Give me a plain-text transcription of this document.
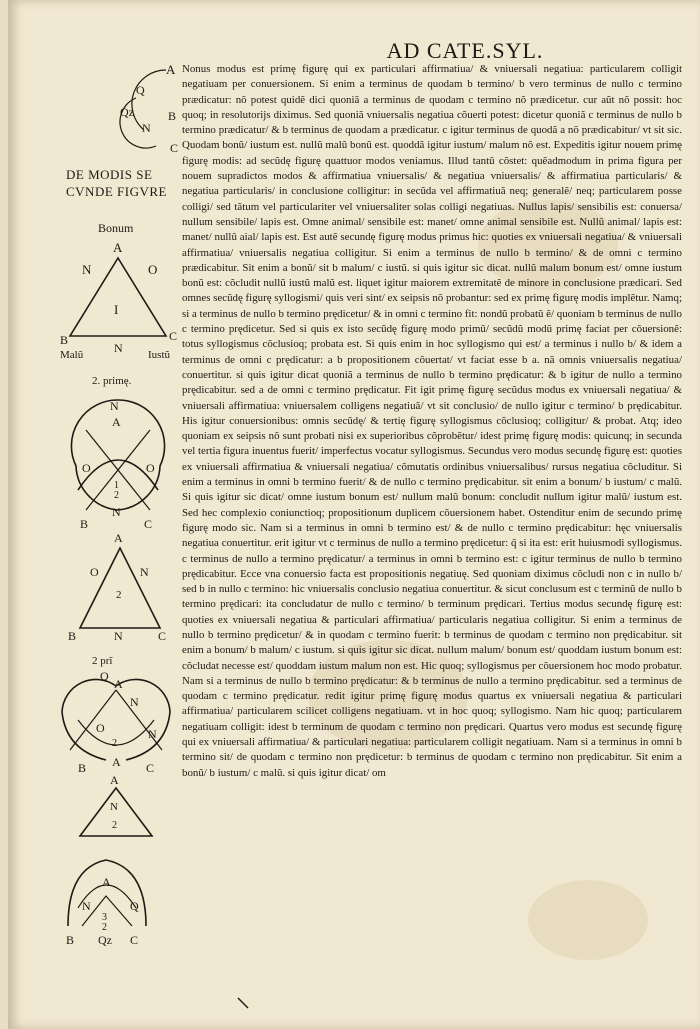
AD CATE.SYL.
DE MODIS SE CVNDE FIGVRE

Nonus modus est primę figurę qui ex particulari affirmatiua/ & vniuersali negatiua: particularem colligit negatiuam per conuersionem. Si enim a terminus de quodam b termino/ b vero terminus de nullo c termino prædicatur: nõ potest quidẽ dici quoniã a terminus de quodam c termino nõ prædicetur. cur aũt nõ possit: hoc quoq; in resolutorijs diximus. Sed quoniã vniuersalis negatiua cõuerti potest: dicetur quoniã c terminus de nullo b termino prædicatur/ & b terminus de quodam a prædicatur. c igitur terminus de quodã a nõ prædicabitur/ vt sit sic. Quodam bonũ/ iustum est. nullũ malũ bonũ est. quoddã igitur iustum/ malum nõ est. Expeditis igitur nouem primę figurę modis: ad secũdę figurę quattuor modos veniamus. Illud tantũ cõstet: quẽadmodum in prima figura per nouem supradictos modos & affirmatiua vniuersalis/ & negatiua vniuersalis/ & affirmatiua particularis/ & negatiua particularis/ in conclusione colligitur: in secũda vel affirmatiuã neq; generalẽ/ neq; particularem posse colligi/ sed tãtum vel particulariter vel vniuersaliter solas colligi negatiuas. Nullus lapis/ sensibilis est: conuersa/ nullum sensibile/ lapis est. Omne animal/ sensibile est: manet/ omne animal sensibile est. Nullũ animal/ lapis est: manet/ nullũ aial/ lapis est. Est autẽ secundę figurę modus primus hic: quoties ex vniuersali negatiua/ & vniuersali affirmatiua/ vniuersalis negatiua colligitur. Si enim a terminus de nullo b termino/ & de omni c termino prædicabitur. Sit enim a bonũ/ sit b malum/ c iustũ. si quis igitur sic dicat. nullũ malum bonum est/ omne iustum bonũ est: cõcludit nullũ iustũ malũ est. liquet igitur maiorem extremitatẽ de minore in conclusione prædicari. Sed omnes secũdę figurę syllogismi/ quis veri sint/ ex seipsis nõ probantur: sed ex primę figurę modis implẽtur. Namq; si a terminus de nullo b termino prędicetur/ & in omni c termino fit: nondũ probatũ ẽ/ quoniam b terminus de nullo c termino prędicetur. Sed si quis ex isto secũdę figurę modo primũ/ secũdũ modũ primę faciat per cõuersionẽ: totus syllogismus cõclusioq; probata est. Si quis enim in hoc syllogismo qui est/ a terminus i nullo b/ & idem a terminus de omni c prędicatur: a b propositionem cõuertat/ vt faciat esse b a. nã omnis vniuersalis negatiua/ conuertitur. si quis igitur dicat quoniã a terminus de nullo b termino prędicatur: & b igitur de nullo a termino prędicabitur. sed a de omni c termino prędicatur. Fit igit primę figurę secũdus modus ex vniuersali negatiua/ & vniuersali affirmatiua: vniuersalem colligens negatiuã/ vt sit conclusio/ de nullo igitur c termino/ b prędicabitur. His igitur conuersionibus: omnis secũdę/ & tertię figurę syllogismus cõclusioq; colligitur/ & probat. Atq; ideo quoniam ex seipsis nõ sunt probati nisi ex superioribus cõprobẽtur/ idest primę figurę modis: quicunq; in secunda vel tertia figura inuentus fuerit/ imperfectus vocatur syllogismus. Secundus vero modus secundę figurę est: quoties ex vniuersali affirmatiua & vniuersali negatiua/ cõmutatis ordinibus vniuersalibus/ rursus negatiua cõcluditur. Si enim a terminus in omni b termino fuerit/ & de nullo c termino prędicabitur. sit enim a bonum/ b iustum/ c malũ. Si quis igitur sic dicat/ omne iustum bonum est/ nullum malũ bonum: concludit nullum igitur malũ/ iustum est. Sed hec complexio coniunctioq; propositionum duplicem cõuersionem habet. Ostenditur enim de secundo primę figurę modo sic. Nam si a terminus in omni b termino est/ & de nullo c termino prędicabitur: hęc vniuersalis negatiua conuertitur. erit igitur vt c terminus de nullo a termino prędicetur: q̃ si ita est: erit huiusmodi syllogismus. c terminus de nullo a termino prędicatur/ a terminus in omni b termino est: c igitur terminus de nullo b termino prędicabitur. Ecce vna conuersio facta est propositionis negatiuę. Sed quoniam diximus cõcludi non c in nullo b/ sed b in nullo c termino: hic vniuersalis conclusio negatiua conuertitur. & sicut conclusum est c terminũ de nullo b termino prędicari: ita concludatur de nullo c termino/ b terminum prędicari. Tertius modus secundę figurę est: quoties ex vniuersali negatiua & particulari affirmatiua/ particularis negatiua colligitur. Si enim a terminus de nullo b termino prędicetur/ & in quodam c termino fuerit: b terminus de quodam c termino non prędicabitur. sit enim a bonum/ b malum/ c iustum. si quis igitur sic dicat. nullum malum/ bonum est/ quoddam iustum bonum est: cõcludat necesse est/ quoddam iustum malum non est. Hic quoq; syllogismus per cõuersionem hoc modo probatur. Nam si a terminus de nullo b termino prędicatur: & b terminus de nullo a termino prędicabitur. sed a terminus de quodam c termino prędicatur. redit igitur primę figurę modus quartus ex vniuersali negatiua & particulari affirmatiua/ particularem scilicet colligens negatiuam. vt in hoc quoq; syllogismo. Nam hic quoq; particularem negatiuam colligit: idest b terminum de quodam c termino non prędicari. Quartus vero modus est secundę figurę qui ex vniuersali affirmatiua/ & particulari negatiua: particularem colligit negatiuam. Nam si a terminus in omni b termino sit/ de quodam c termino non prędicetur: b terminus de quodam c termino non prędicabitur. Sit enim a bonũ/ b iustum/ c malũ. si quis igitur dicat/ om

A
Q
Qz	B
N
C
Bonum
A
N	O
I
B	C
Malũ	N Iustũ
2. primę.
N
A
O	O
1
2
N
B	C
A
O	N
2
B	N	C
2 prĩ
Q
A
N
O	N
2
B A C
A
N
2
A
N	Q
3
2
B Qz C
